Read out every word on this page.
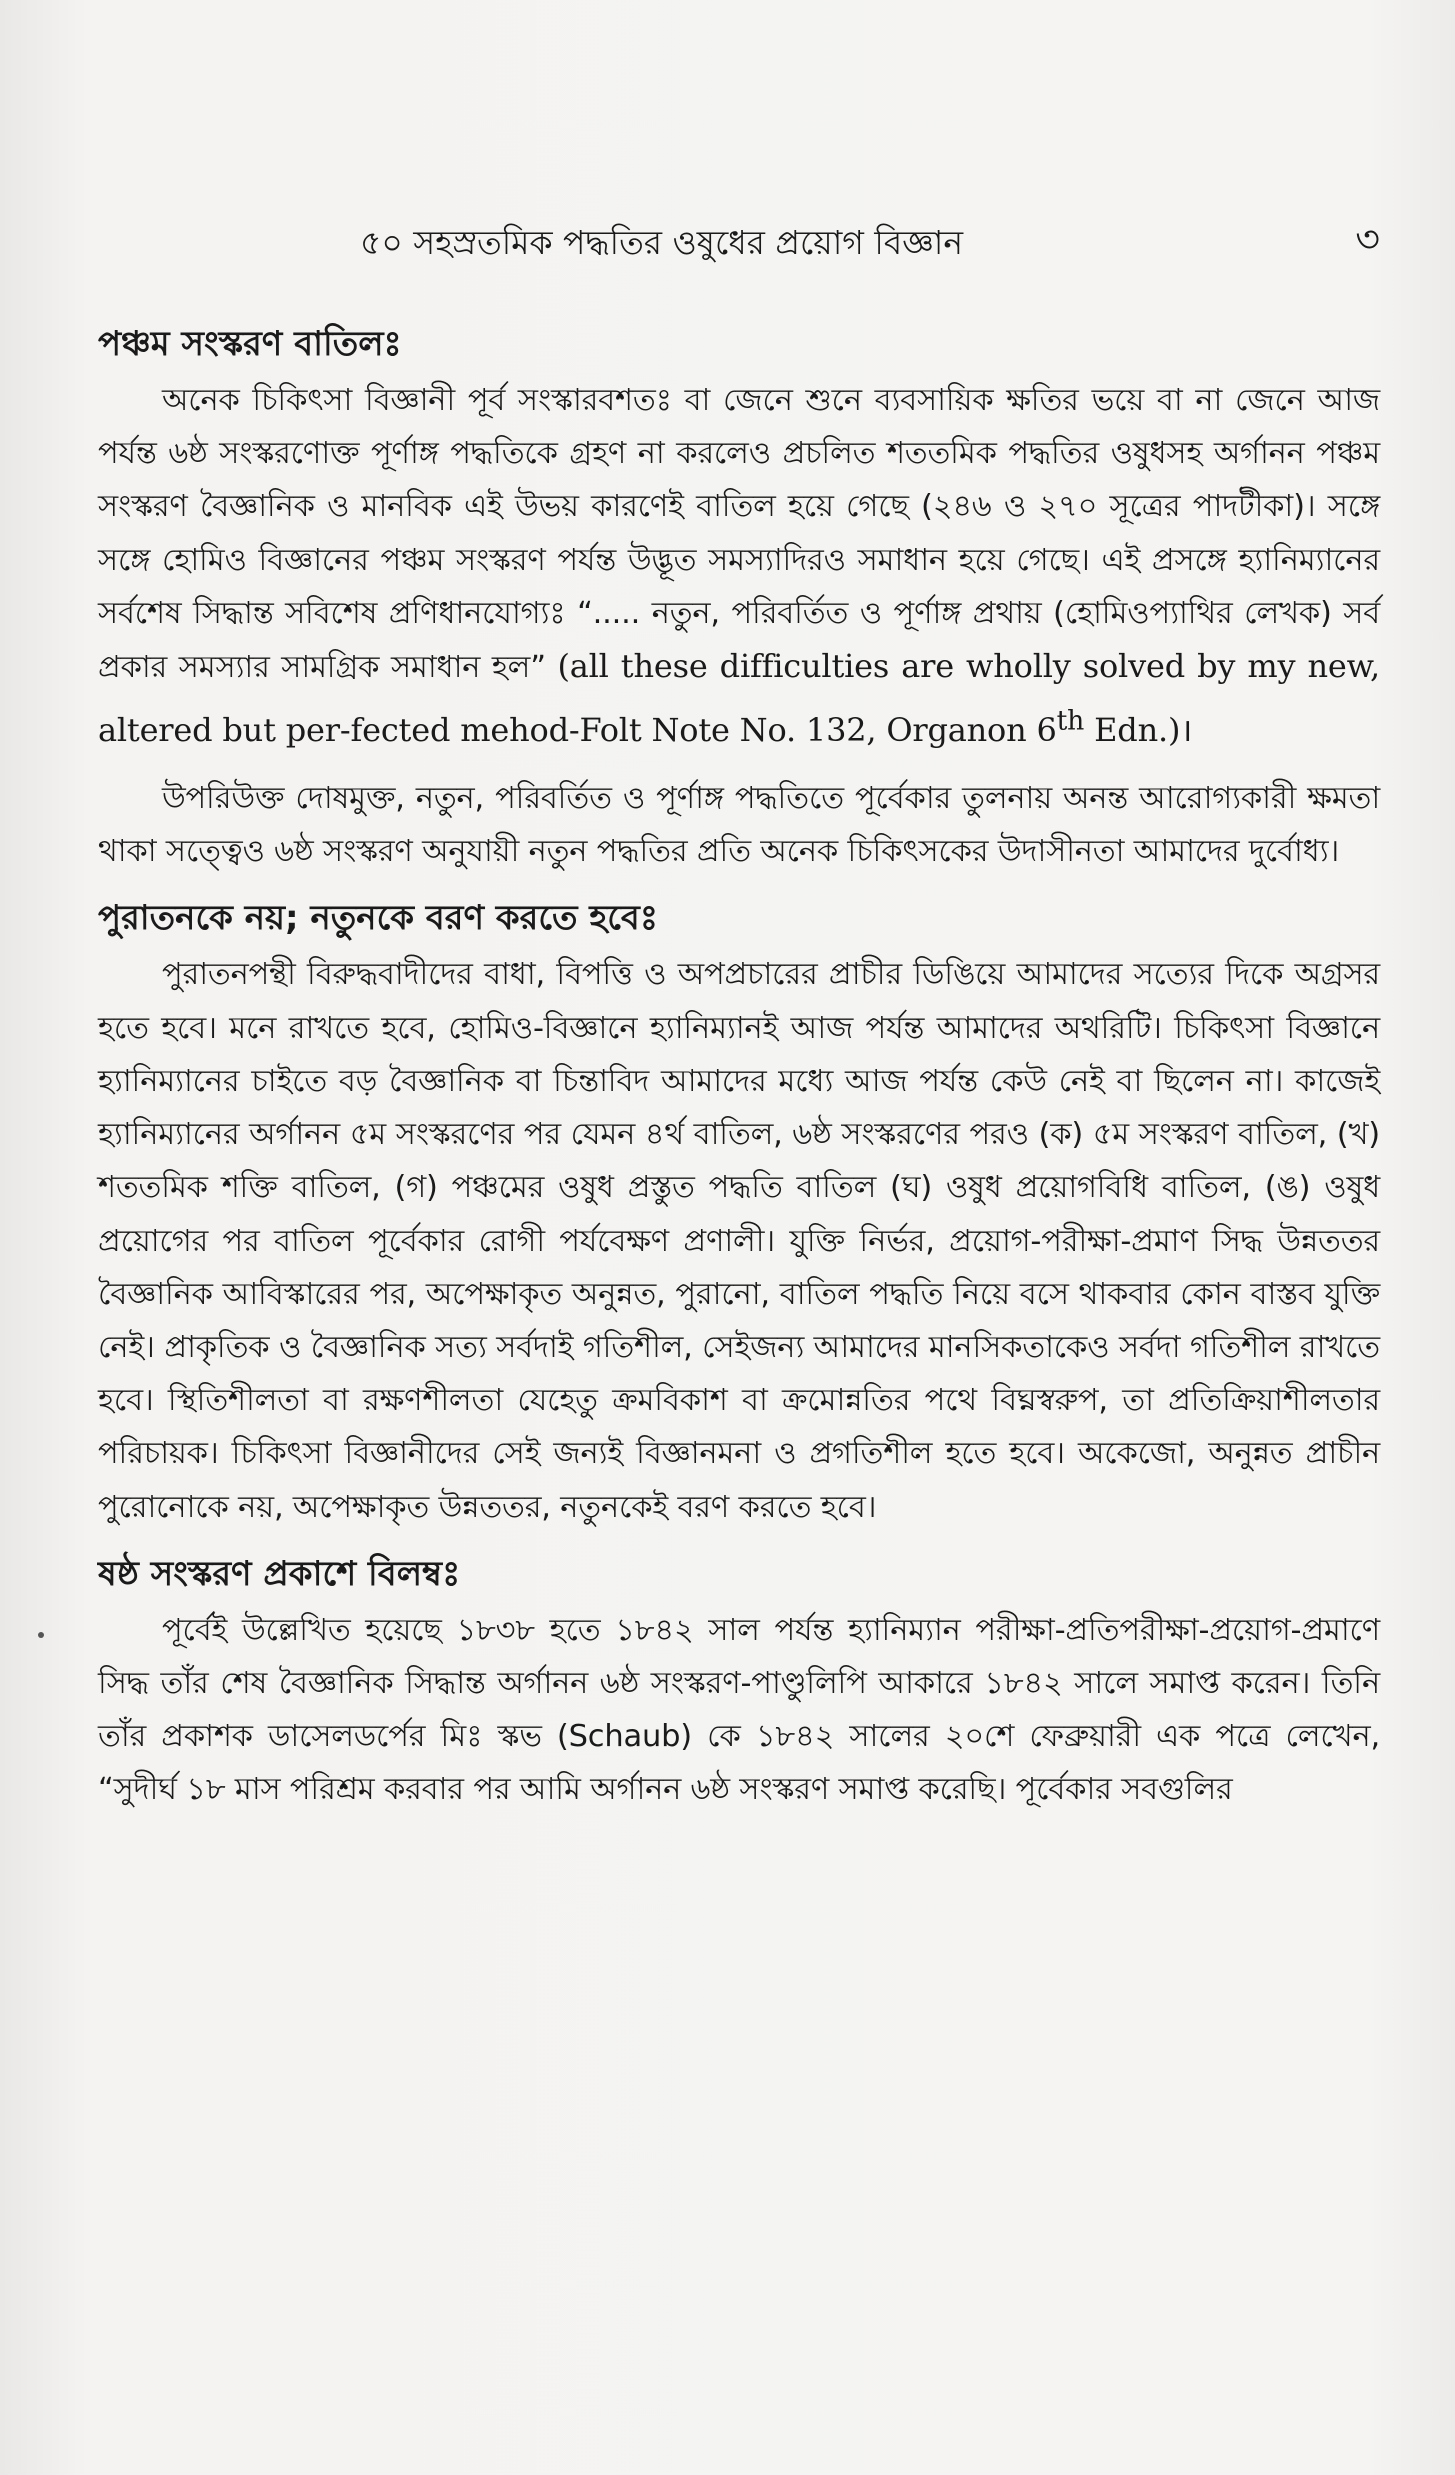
৫০ সহস্রতমিক পদ্ধতির ওষুধের প্রয়োগ বিজ্ঞান	৩
পঞ্চম সংস্করণ বাতিলঃ

অনেক চিকিৎসা বিজ্ঞানী পূর্ব সংস্কারবশতঃ বা জেনে শুনে ব্যবসায়িক ক্ষতির ভয়ে বা না জেনে আজ পর্যন্ত ৬ষ্ঠ সংস্করণোক্ত পূর্ণাঙ্গ পদ্ধতিকে গ্রহণ না করলেও প্রচলিত শততমিক পদ্ধতির ওষুধসহ অর্গানন পঞ্চম সংস্করণ বৈজ্ঞানিক ও মানবিক এই উভয় কারণেই বাতিল হয়ে গেছে (২৪৬ ও ২৭০ সূত্রের পাদটীকা)। সঙ্গে সঙ্গে হোমিও বিজ্ঞানের পঞ্চম সংস্করণ পর্যন্ত উদ্ভূত সমস্যাদিরও সমাধান হয়ে গেছে। এই প্রসঙ্গে হ্যানিম্যানের সর্বশেষ সিদ্ধান্ত সবিশেষ প্রণিধানযোগ্যঃ “..... নতুন, পরিবর্তিত ও পূর্ণাঙ্গ প্রথায় (হোমিওপ্যাথির লেখক) সর্ব প্রকার সমস্যার সামগ্রিক সমাধান হল” (all these difficulties are wholly solved by my new, altered but per-fected mehod-Folt Note No. 132, Organon 6th Edn.)।

উপরিউক্ত দোষমুক্ত, নতুন, পরিবর্তিত ও পূর্ণাঙ্গ পদ্ধতিতে পূর্বেকার তুলনায় অনন্ত আরোগ্যকারী ক্ষমতা থাকা সত্ত্বেও ৬ষ্ঠ সংস্করণ অনুযায়ী নতুন পদ্ধতির প্রতি অনেক চিকিৎসকের উদাসীনতা আমাদের দুর্বোধ্য।

পুরাতনকে নয়; নতুনকে বরণ করতে হবেঃ

পুরাতনপন্থী বিরুদ্ধবাদীদের বাধা, বিপত্তি ও অপপ্রচারের প্রাচীর ডিঙিয়ে আমাদের সত্যের দিকে অগ্রসর হতে হবে। মনে রাখতে হবে, হোমিও-বিজ্ঞানে হ্যানিম্যানই আজ পর্যন্ত আমাদের অথরিটি। চিকিৎসা বিজ্ঞানে হ্যানিম্যানের চাইতে বড় বৈজ্ঞানিক বা চিন্তাবিদ আমাদের মধ্যে আজ পর্যন্ত কেউ নেই বা ছিলেন না। কাজেই হ্যানিম্যানের অর্গানন ৫ম সংস্করণের পর যেমন ৪র্থ বাতিল, ৬ষ্ঠ সংস্করণের পরও (ক) ৫ম সংস্করণ বাতিল, (খ) শততমিক শক্তি বাতিল, (গ) পঞ্চমের ওষুধ প্রস্তুত পদ্ধতি বাতিল (ঘ) ওষুধ প্রয়োগবিধি বাতিল, (ঙ) ওষুধ প্রয়োগের পর বাতিল পূর্বেকার রোগী পর্যবেক্ষণ প্রণালী। যুক্তি নির্ভর, প্রয়োগ-পরীক্ষা-প্রমাণ সিদ্ধ উন্নততর বৈজ্ঞানিক আবিস্কারের পর, অপেক্ষাকৃত অনুন্নত, পুরানো, বাতিল পদ্ধতি নিয়ে বসে থাকবার কোন বাস্তব যুক্তি নেই। প্রাকৃতিক ও বৈজ্ঞানিক সত্য সর্বদাই গতিশীল, সেইজন্য আমাদের মানসিকতাকেও সর্বদা গতিশীল রাখতে হবে। স্থিতিশীলতা বা রক্ষণশীলতা যেহেতু ক্রমবিকাশ বা ক্রমোন্নতির পথে বিঘ্নস্বরুপ, তা প্রতিক্রিয়াশীলতার পরিচায়ক। চিকিৎসা বিজ্ঞানীদের সেই জন্যই বিজ্ঞানমনা ও প্রগতিশীল হতে হবে। অকেজো, অনুন্নত প্রাচীন পুরোনোকে নয়, অপেক্ষাকৃত উন্নততর, নতুনকেই বরণ করতে হবে।

ষষ্ঠ সংস্করণ প্রকাশে বিলম্বঃ

পূর্বেই উল্লেখিত হয়েছে ১৮৩৮ হতে ১৮৪২ সাল পর্যন্ত হ্যানিম্যান পরীক্ষা-প্রতিপরীক্ষা-প্রয়োগ-প্রমাণে সিদ্ধ তাঁর শেষ বৈজ্ঞানিক সিদ্ধান্ত অর্গানন ৬ষ্ঠ সংস্করণ-পাণ্ডুলিপি আকারে ১৮৪২ সালে সমাপ্ত করেন। তিনি তাঁর প্রকাশক ডাসেলডর্পের মিঃ স্কভ (Schaub) কে ১৮৪২ সালের ২০শে ফেব্রুয়ারী এক পত্রে লেখেন, “সুদীর্ঘ ১৮ মাস পরিশ্রম করবার পর আমি অর্গানন ৬ষ্ঠ সংস্করণ সমাপ্ত করেছি। পূর্বেকার সবগুলির
